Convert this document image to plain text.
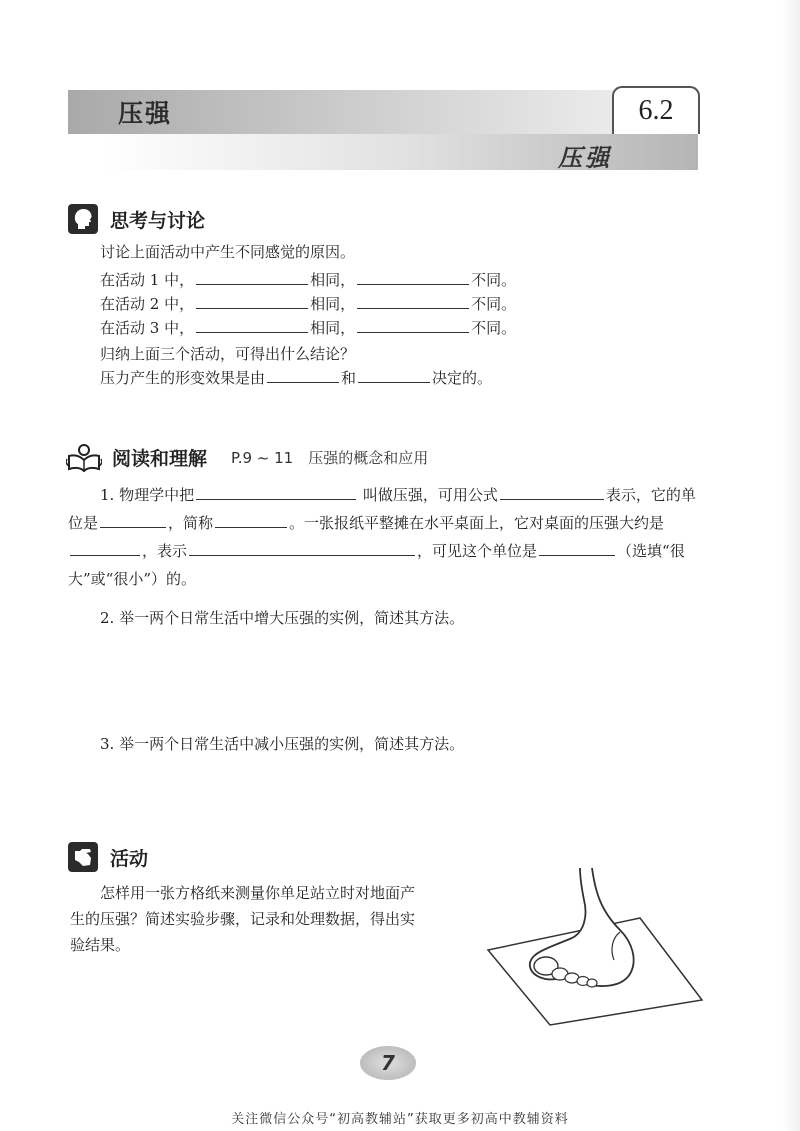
压强	6.2
压强
思考与讨论
讨论上面活动中产生不同感觉的原因。
在活动 1 中，	相同，	不同。
在活动 2 中，	相同，	不同。
在活动 3 中，	相同，	不同。
归纳上面三个活动，可得出什么结论？
压力产生的形变效果是由	和	决定的。
阅读和理解 P.9 ~ 11　压强的概念和应用
1. 物理学中把	叫做压强，可用公式	表示，它的单
位是	，简称	。一张报纸平整摊在水平桌面上，它对桌面的压强大约是
，表示	，可见这个单位是	（选填“很
大”或“很小”）的。
2. 举一两个日常生活中增大压强的实例，简述其方法。
3. 举一两个日常生活中减小压强的实例，简述其方法。
活动
怎样用一张方格纸来测量你单足站立时对地面产
生的压强？简述实验步骤，记录和处理数据，得出实
验结果。
7
关注微信公众号“初高教辅站”获取更多初高中教辅资料
